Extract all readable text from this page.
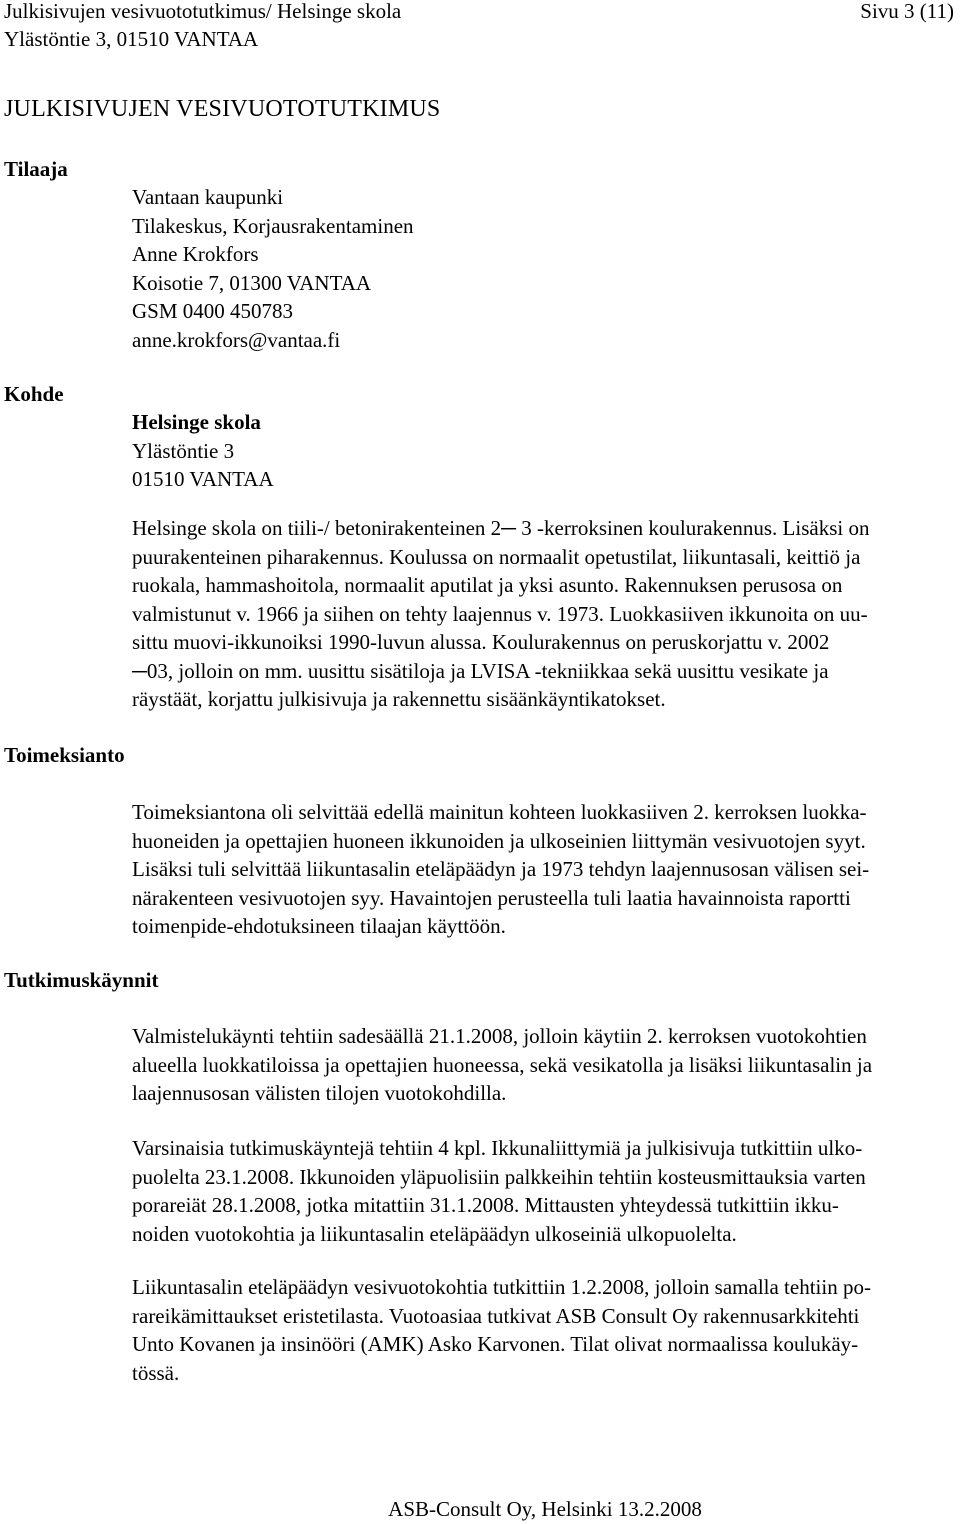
Julkisivujen vesivuototutkimus/ Helsinge skola
Ylästöntie 3, 01510 VANTAA
Sivu 3 (11)
JULKISIVUJEN VESIVUOTOTUTKIMUS
Tilaaja
Vantaan kaupunki
Tilakeskus, Korjausrakentaminen
Anne Krokfors
Koisotie 7, 01300 VANTAA
GSM 0400 450783
anne.krokfors@vantaa.fi
Kohde
Helsinge skola
Ylästöntie 3
01510 VANTAA
Helsinge skola on tiili-/ betonirakenteinen 2─ 3 -kerroksinen koulurakennus. Lisäksi on
puurakenteinen piharakennus. Koulussa on normaalit opetustilat, liikuntasali, keittiö ja
ruokala, hammashoitola, normaalit aputilat ja yksi asunto. Rakennuksen perusosa on
valmistunut v. 1966 ja siihen on tehty laajennus v. 1973. Luokkasiiven ikkunoita on uu-
sittu muovi-ikkunoiksi 1990-luvun alussa. Koulurakennus on peruskorjattu v. 2002
─03, jolloin on mm. uusittu sisätiloja ja LVISA -tekniikkaa sekä uusittu vesikate ja
räystäät, korjattu julkisivuja ja rakennettu sisäänkäyntikatokset.
Toimeksianto
Toimeksiantona oli selvittää edellä mainitun kohteen luokkasiiven 2. kerroksen luokka-
huoneiden ja opettajien huoneen ikkunoiden ja ulkoseinien liittymän vesivuotojen syyt.
Lisäksi tuli selvittää liikuntasalin eteläpäädyn ja 1973 tehdyn laajennusosan välisen sei-
närakenteen vesivuotojen syy. Havaintojen perusteella tuli laatia havainnoista raportti
toimenpide-ehdotuksineen tilaajan käyttöön.
Tutkimuskäynnit
Valmistelukäynti tehtiin sadesäällä 21.1.2008, jolloin käytiin 2. kerroksen vuotokohtien
alueella luokkatiloissa ja opettajien huoneessa, sekä vesikatolla ja lisäksi liikuntasalin ja
laajennusosan välisten tilojen vuotokohdilla.
Varsinaisia tutkimuskäyntejä tehtiin 4 kpl. Ikkunaliittymiä ja julkisivuja tutkittiin ulko-
puolelta 23.1.2008. Ikkunoiden yläpuolisiin palkkeihin tehtiin kosteusmittauksia varten
porareiät 28.1.2008, jotka mitattiin 31.1.2008. Mittausten yhteydessä tutkittiin ikku-
noiden vuotokohtia ja liikuntasalin eteläpäädyn ulkoseiniä ulkopuolelta.
Liikuntasalin eteläpäädyn vesivuotokohtia tutkittiin 1.2.2008, jolloin samalla tehtiin po-
rareikämittaukset eristetilasta. Vuotoasiaa tutkivat ASB Consult Oy rakennusarkkitehti
Unto Kovanen ja insinööri (AMK) Asko Karvonen. Tilat olivat normaalissa koulukäy-
tössä.
ASB-Consult Oy, Helsinki 13.2.2008
